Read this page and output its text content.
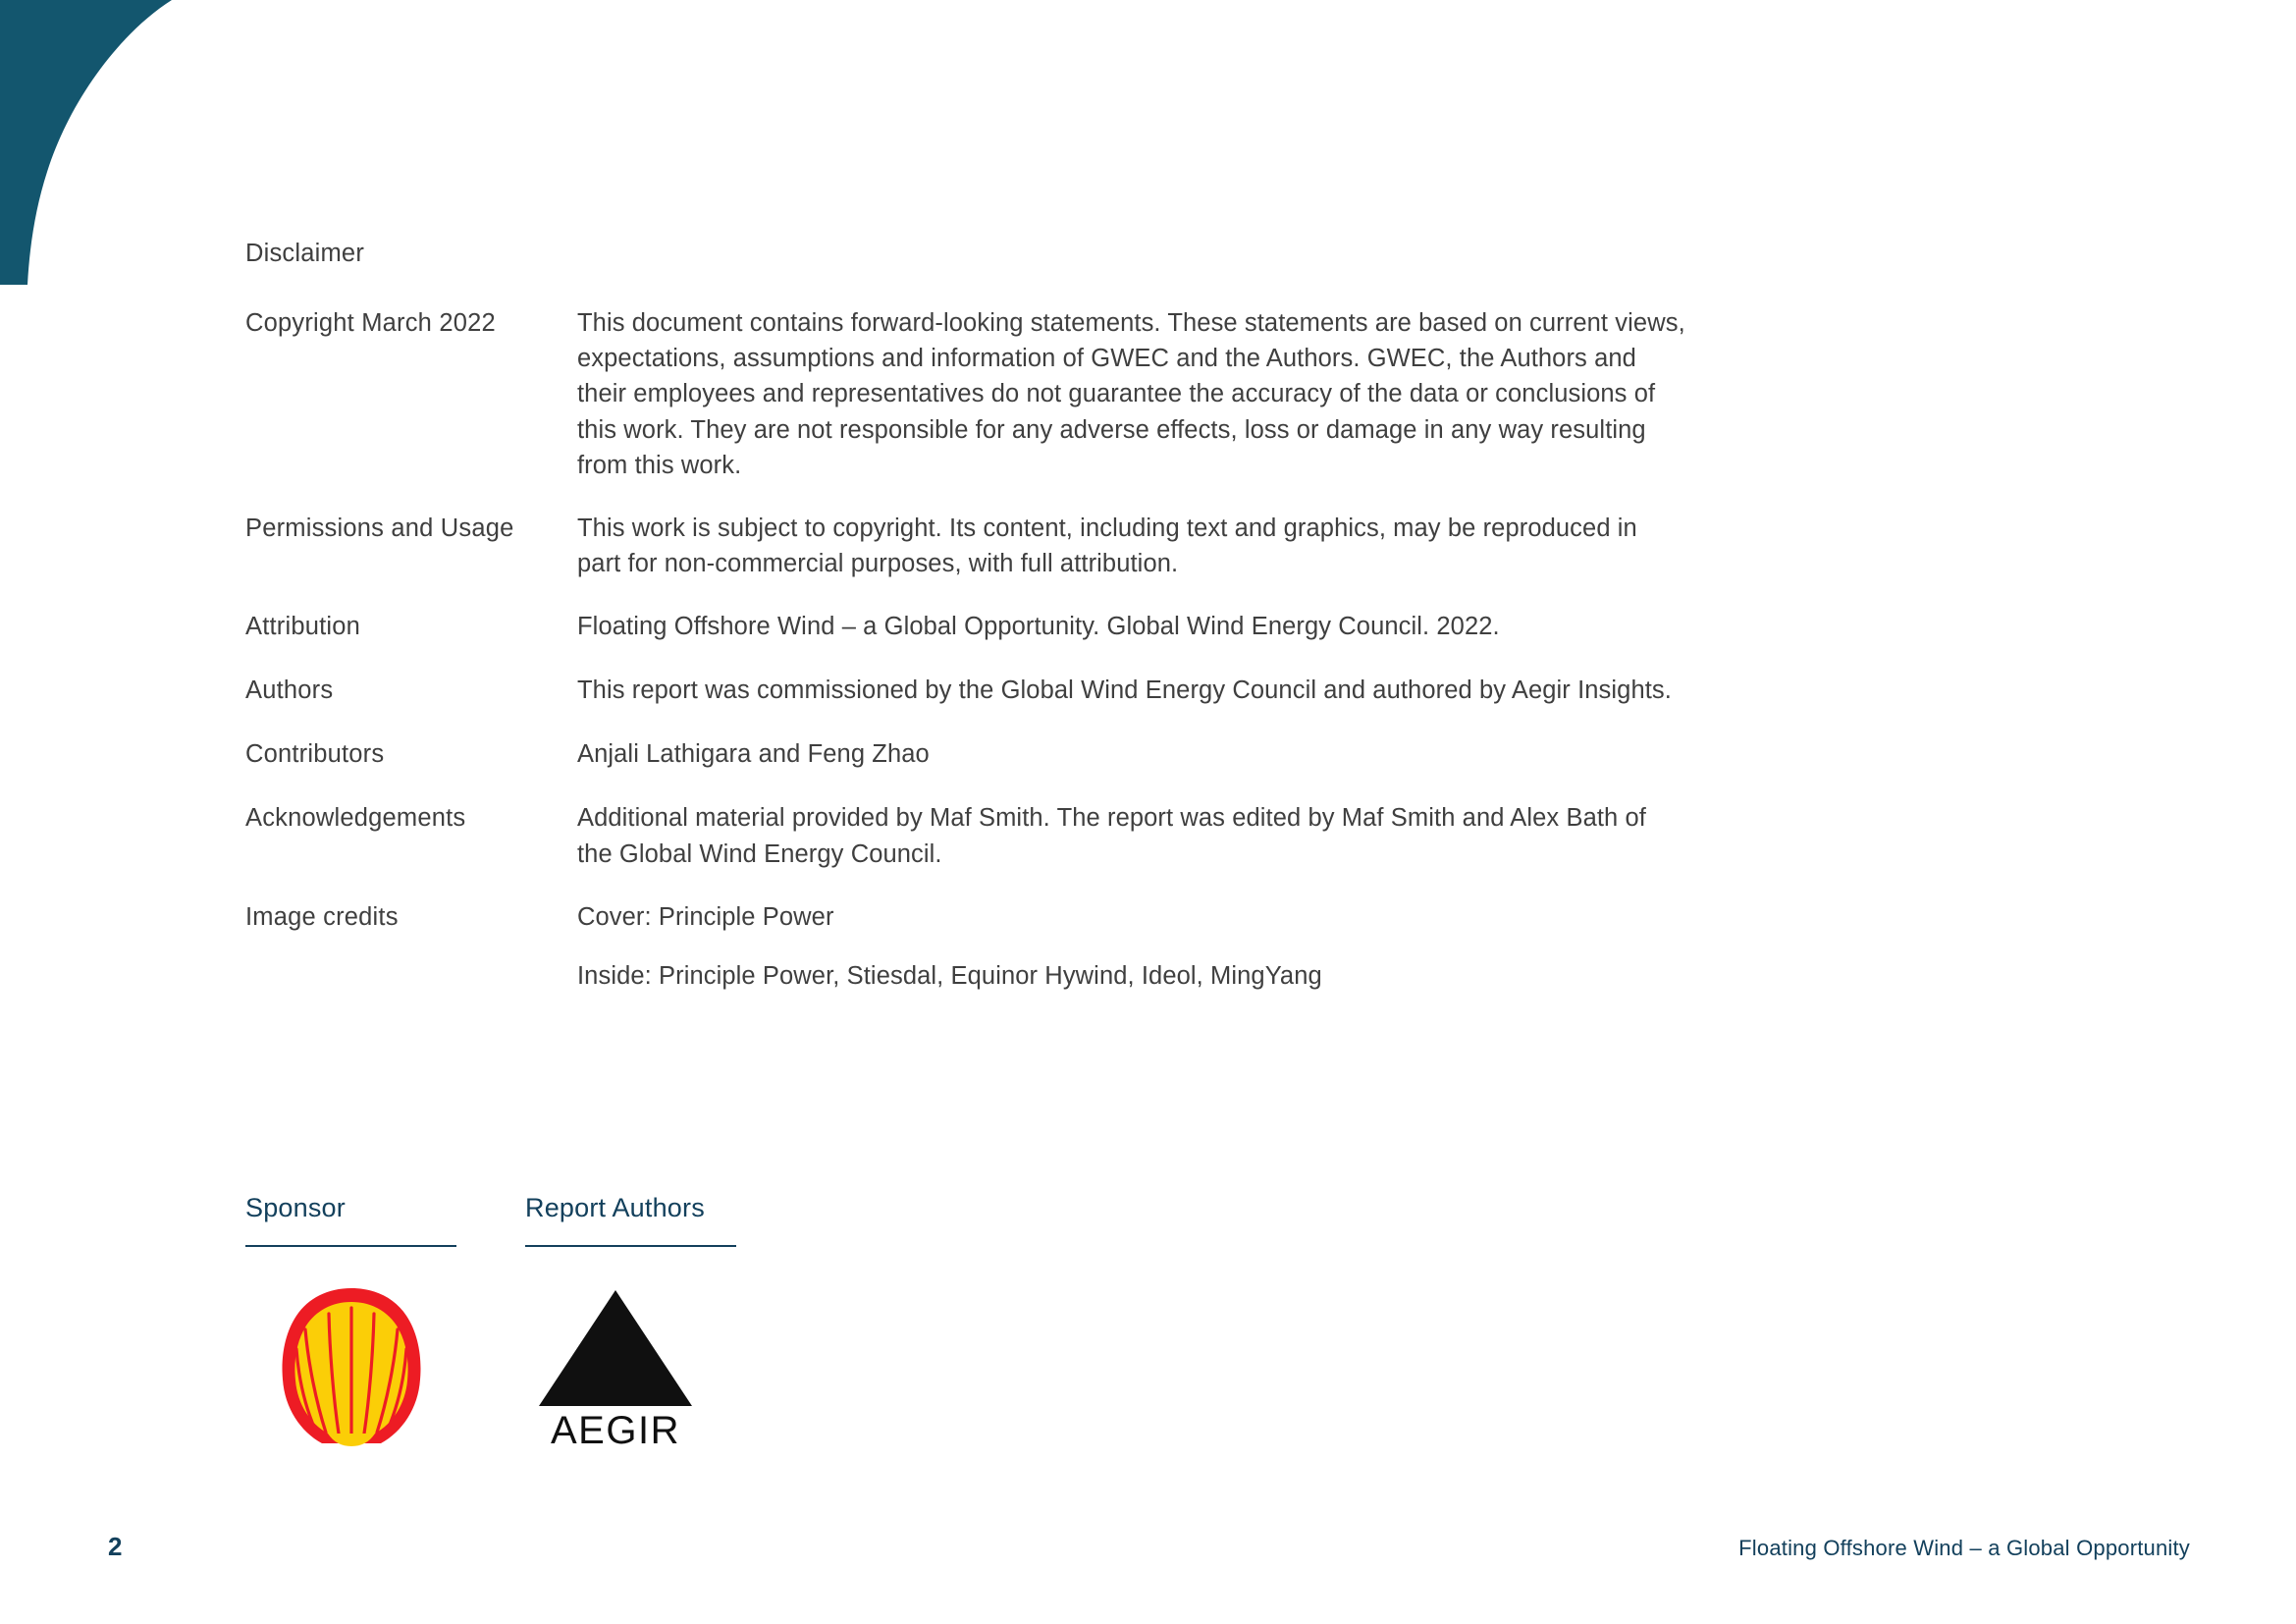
Disclaimer
Copyright March 2022	This document contains forward-looking statements. These statements are based on current views, expectations, assumptions and information of GWEC and the Authors. GWEC, the Authors and their employees and representatives do not guarantee the accuracy of the data or conclusions of this work. They are not responsible for any adverse effects, loss or damage in any way resulting from this work.
Permissions and Usage	This work is subject to copyright. Its content, including text and graphics, may be reproduced in part for non-commercial purposes, with full attribution.
Attribution	Floating Offshore Wind – a Global Opportunity. Global Wind Energy Council. 2022.
Authors	This report was commissioned by the Global Wind Energy Council and authored by Aegir Insights.
Contributors	Anjali Lathigara and Feng Zhao
Acknowledgements	Additional material provided by Maf Smith. The report was edited by Maf Smith and Alex Bath of the Global Wind Energy Council.
Image credits	Cover: Principle Power
Inside: Principle Power, Stiesdal, Equinor Hywind, Ideol, MingYang
Sponsor	Report Authors
AEGIR
2	Floating Offshore Wind – a Global Opportunity
